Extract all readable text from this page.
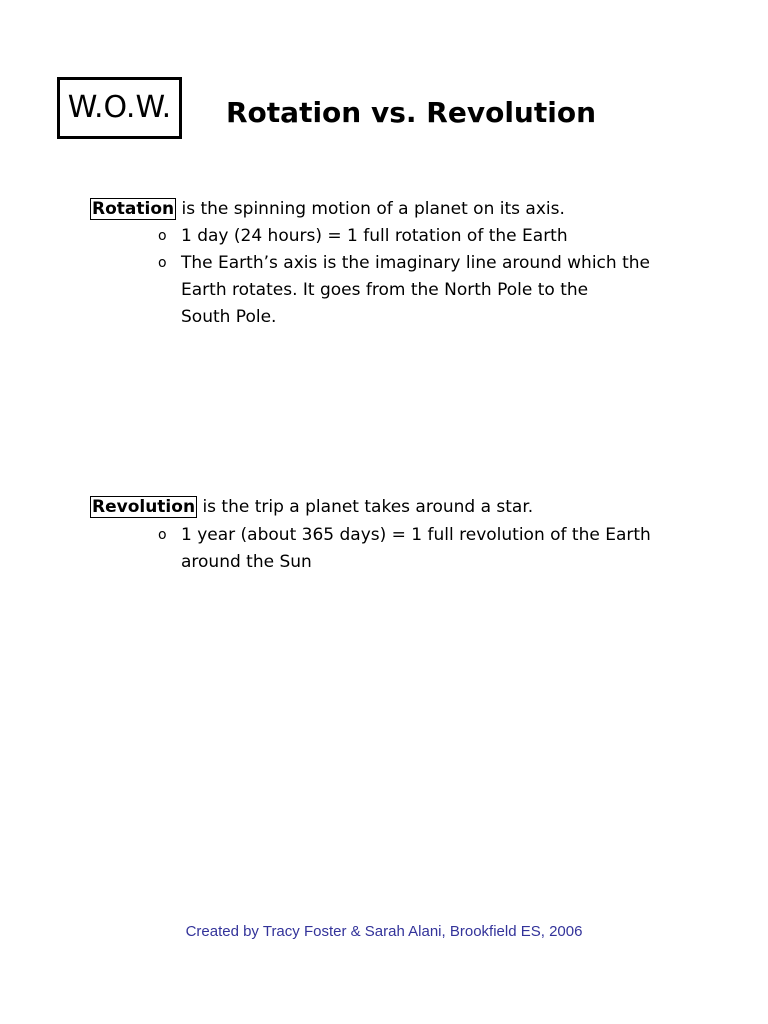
W.O.W.	Rotation vs. Revolution
Rotation is the spinning motion of a planet on its axis.
o 1 day (24 hours) = 1 full rotation of the Earth
o The Earth’s axis is the imaginary line around which the
Earth rotates. It goes from the North Pole to the
South Pole.
Revolution is the trip a planet takes around a star.
o 1 year (about 365 days) = 1 full revolution of the Earth
around the Sun
Created by Tracy Foster & Sarah Alani, Brookfield ES, 2006
